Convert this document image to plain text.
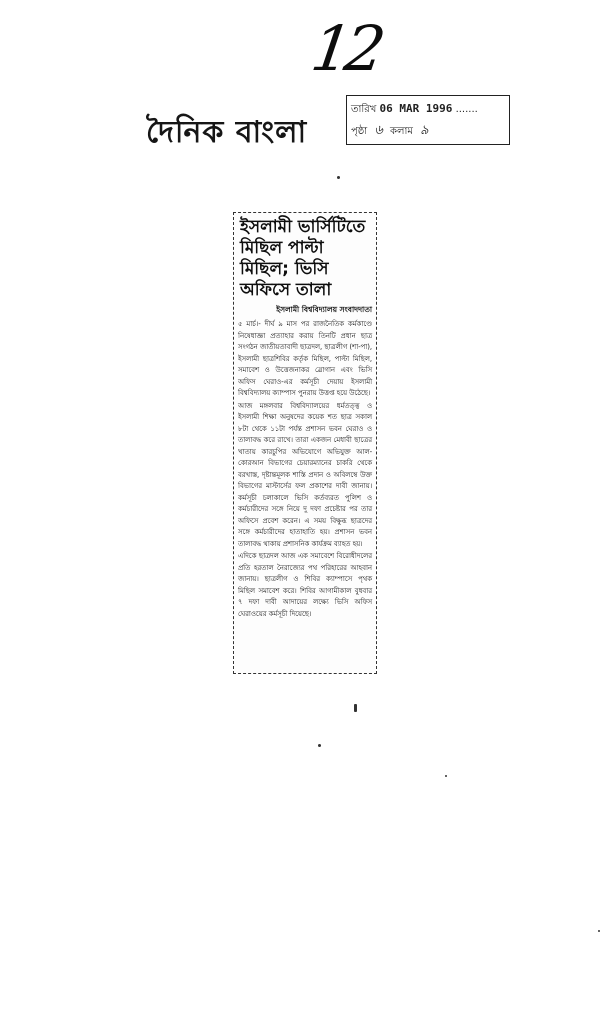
12
দৈনিক বাংলা
তারিখ 06 MAR 1996 .......
পৃষ্ঠা ৬ কলাম ৯
ইসলামী ভার্সিটিতে মিছিল পাল্টা মিছিল; ভিসি অফিসে তালা
ইসলামী বিশ্ববিদ্যালয় সংবাদদাতা

৫ মার্চ।- দীর্ঘ ৯ মাস পর রাজনৈতিক কর্মকাণ্ডে নিষেধাজ্ঞা প্রত্যাহার করায় তিনটি প্রধান ছাত্র সংগঠন জাতীয়তাবাদী ছাত্রদল, ছাত্রলীগ (শা-পা), ইসলামী ছাত্রশিবির কর্তৃক মিছিল, পাল্টা মিছিল, সমাবেশ ও উত্তেজনাকর স্লোগান এবং ভিসি অফিস ঘেরাও-এর কর্মসূচী দেয়ায় ইসলামী বিশ্ববিদ্যালয় ক্যাম্পাস পুনরায় উত্তপ্ত হয়ে উঠেছে।

আজ মঙ্গলবার বিশ্ববিদ্যালয়ের ধর্মতত্ত্ব ও ইসলামী শিক্ষা অনুষদের কয়েক শত ছাত্র সকাল ৮টা থেকে ১১টা পর্যন্ত প্রশাসন ভবন ঘেরাও ও তালাবদ্ধ করে রাখে। তারা একজন মেধাবী ছাত্রের খাতায় কারচুপির অভিযোগে অভিযুক্ত আল-কোরআন বিভাগের চেয়ারম্যানের চাকরি থেকে বরখাস্ত, দৃষ্টান্তমূলক শাস্তি প্রদান ও অবিলম্বে উক্ত বিভাগের মাস্টার্সের ফল প্রকাশের দাবী জানায়। কর্মসূচী চলাকালে ভিসি কর্তব্যরত পুলিশ ও কর্মচারীদের সঙ্গে নিয়ে দু দফা প্রচেষ্টার পর তার অফিসে প্রবেশ করেন। এ সময় বিক্ষুব্ধ ছাত্রদের সঙ্গে কর্মচারীদের হাতাহাতি হয়। প্রশাসন ভবন তালাবদ্ধ থাকায় প্রশাসনিক কার্যক্রম ব্যাহত হয়।

এদিকে ছাত্রদল আজ এক সমাবেশে বিরোধীদলের প্রতি হরতাল নৈরাজ্যের পথ পরিহারের আহবান জানায়। ছাত্রলীগ ও শিবির ক্যাম্পাসে পৃথক মিছিল সমাবেশ করে। শিবির আগামীকাল বুধবার ৭ দফা দাবী আদায়ের লক্ষ্যে ভিসি অফিস ঘেরাওয়ের কর্মসূচী দিয়েছে।
